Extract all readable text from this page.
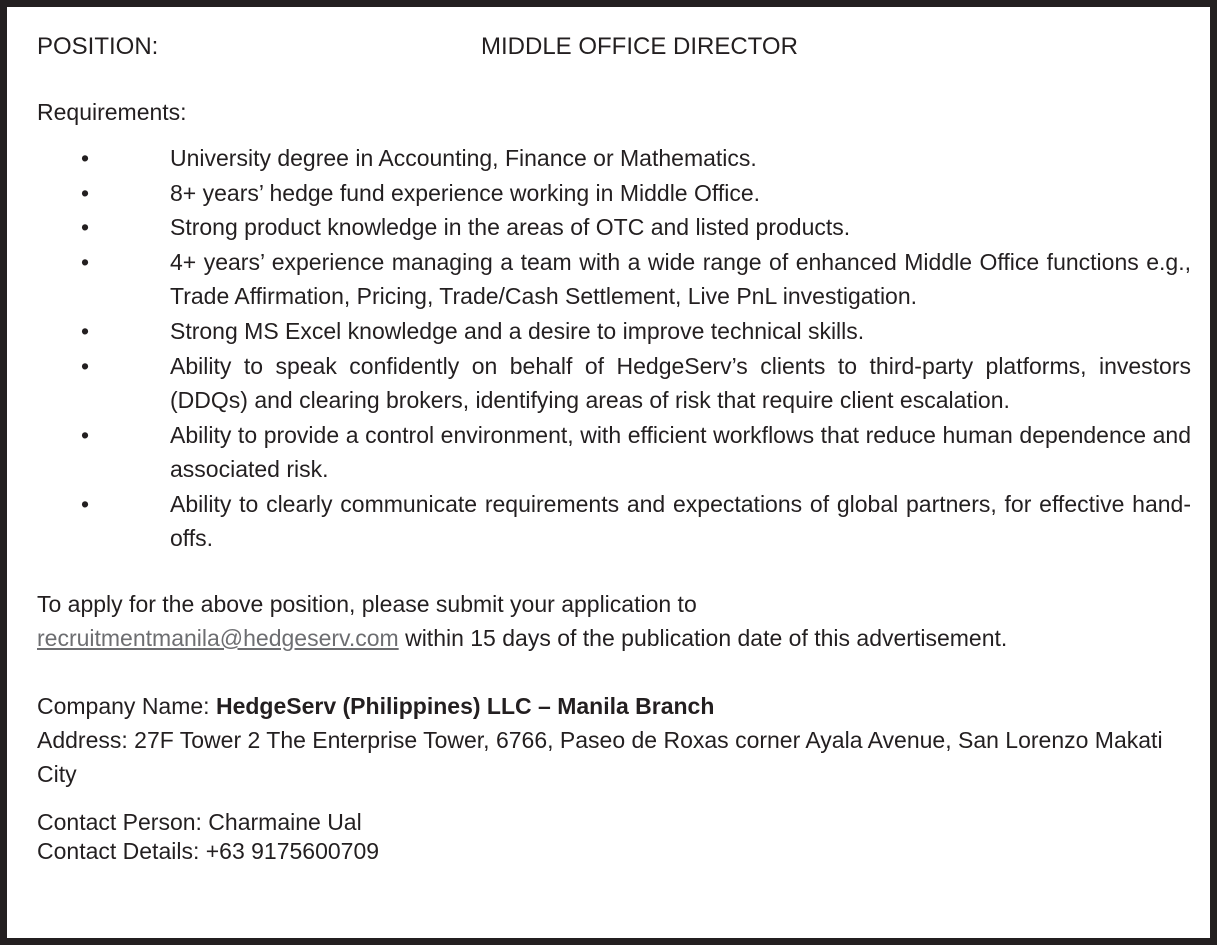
POSITION:	MIDDLE OFFICE DIRECTOR
Requirements:
•	University degree in Accounting, Finance or Mathematics.
•	8+ years’ hedge fund experience working in Middle Office.
•	Strong product knowledge in the areas of OTC and listed products.
•	4+ years’ experience managing a team with a wide range of enhanced Middle Office functions e.g., Trade Affirmation, Pricing, Trade/Cash Settlement, Live PnL investigation.
•	Strong MS Excel knowledge and a desire to improve technical skills.
•	Ability to speak confidently on behalf of HedgeServ’s clients to third-party platforms, investors (DDQs) and clearing brokers, identifying areas of risk that require client escalation.
•	Ability to provide a control environment, with efficient workflows that reduce human dependence and associated risk.
•	Ability to clearly communicate requirements and expectations of global partners, for effective hand-offs.
To apply for the above position, please submit your application to
recruitmentmanila@hedgeserv.com within 15 days of the publication date of this advertisement.
Company Name: HedgeServ (Philippines) LLC – Manila Branch
Address: 27F Tower 2 The Enterprise Tower, 6766, Paseo de Roxas corner Ayala Avenue, San Lorenzo Makati City
Contact Person: Charmaine Ual
Contact Details: +63 9175600709
